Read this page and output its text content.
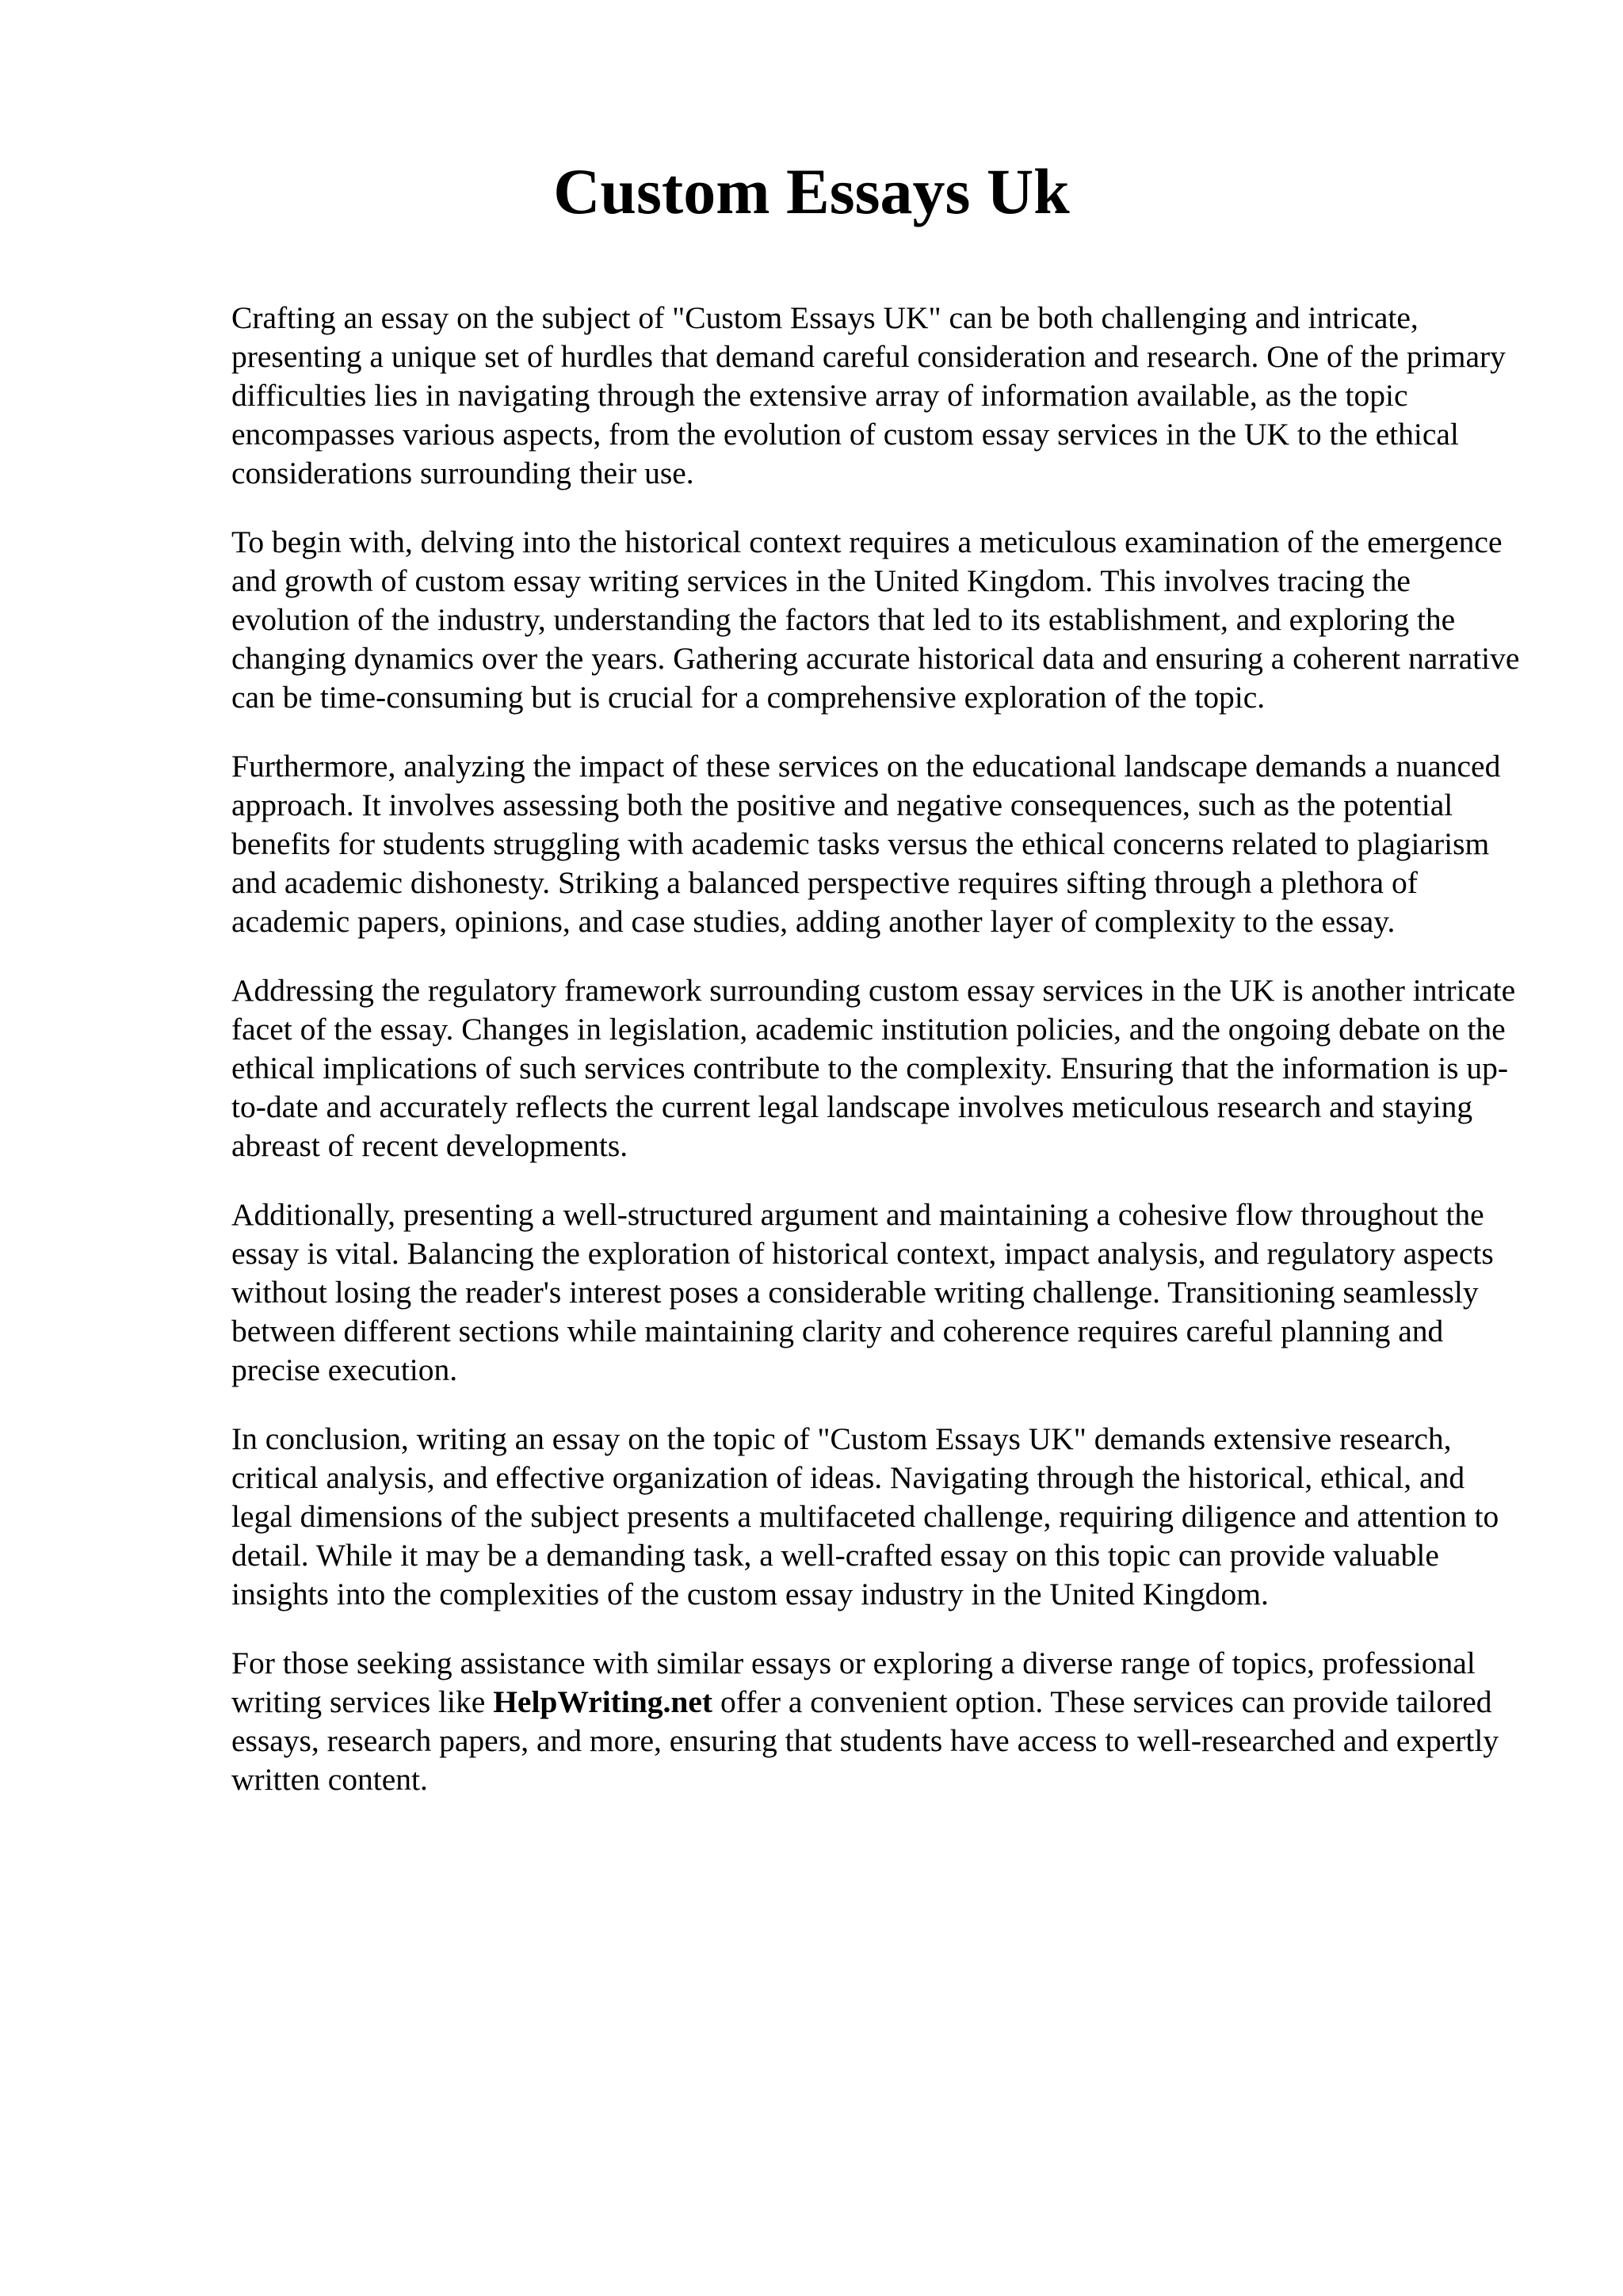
Custom Essays Uk

Crafting an essay on the subject of "Custom Essays UK" can be both challenging and intricate, presenting a unique set of hurdles that demand careful consideration and research. One of the primary difficulties lies in navigating through the extensive array of information available, as the topic encompasses various aspects, from the evolution of custom essay services in the UK to the ethical considerations surrounding their use.

To begin with, delving into the historical context requires a meticulous examination of the emergence and growth of custom essay writing services in the United Kingdom. This involves tracing the evolution of the industry, understanding the factors that led to its establishment, and exploring the changing dynamics over the years. Gathering accurate historical data and ensuring a coherent narrative can be time-consuming but is crucial for a comprehensive exploration of the topic.

Furthermore, analyzing the impact of these services on the educational landscape demands a nuanced approach. It involves assessing both the positive and negative consequences, such as the potential benefits for students struggling with academic tasks versus the ethical concerns related to plagiarism and academic dishonesty. Striking a balanced perspective requires sifting through a plethora of academic papers, opinions, and case studies, adding another layer of complexity to the essay.

Addressing the regulatory framework surrounding custom essay services in the UK is another intricate facet of the essay. Changes in legislation, academic institution policies, and the ongoing debate on the ethical implications of such services contribute to the complexity. Ensuring that the information is up-to-date and accurately reflects the current legal landscape involves meticulous research and staying abreast of recent developments.

Additionally, presenting a well-structured argument and maintaining a cohesive flow throughout the essay is vital. Balancing the exploration of historical context, impact analysis, and regulatory aspects without losing the reader's interest poses a considerable writing challenge. Transitioning seamlessly between different sections while maintaining clarity and coherence requires careful planning and precise execution.

In conclusion, writing an essay on the topic of "Custom Essays UK" demands extensive research, critical analysis, and effective organization of ideas. Navigating through the historical, ethical, and legal dimensions of the subject presents a multifaceted challenge, requiring diligence and attention to detail. While it may be a demanding task, a well-crafted essay on this topic can provide valuable insights into the complexities of the custom essay industry in the United Kingdom.

For those seeking assistance with similar essays or exploring a diverse range of topics, professional writing services like HelpWriting.net offer a convenient option. These services can provide tailored essays, research papers, and more, ensuring that students have access to well-researched and expertly written content.
